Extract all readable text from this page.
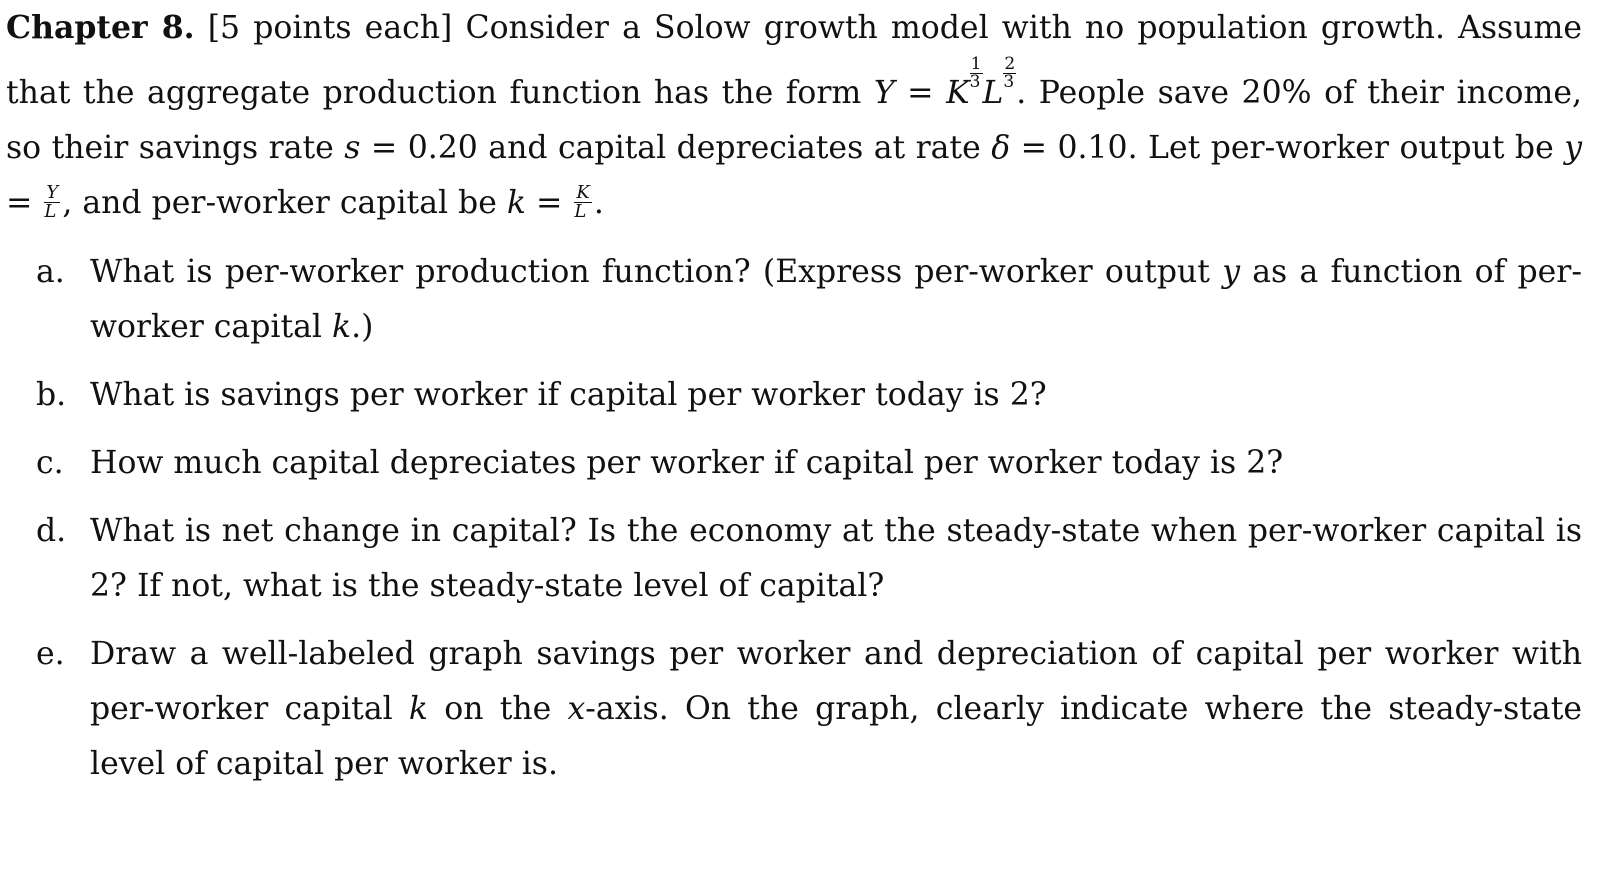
Chapter 8. [5 points each] Consider a Solow growth model with no population growth. Assume that the aggregate production function has the form Y = K
$^{\frac{1}{3}}$
L
$^{\frac{2}{3}}$
. People save 20% of their income, so their savings rate s = 0.20 and capital depreciates at rate δ = 0.10. Let per-worker output be $y = \frac{Y}{L}$ , and per-worker capital be $k = \frac{K}{L}$ .

a. What is per-worker production function? (Express per-worker output y as a function of per-worker capital k.)
b. What is savings per worker if capital per worker today is 2?
c. How much capital depreciates per worker if capital per worker today is 2?
d. What is net change in capital? Is the economy at the steady-state when per-worker capital is 2? If not, what is the steady-state level of capital?
e. Draw a well-labeled graph savings per worker and depreciation of capital per worker with per-worker capital k on the x-axis. On the graph, clearly indicate where the steady-state level of capital per worker is.
